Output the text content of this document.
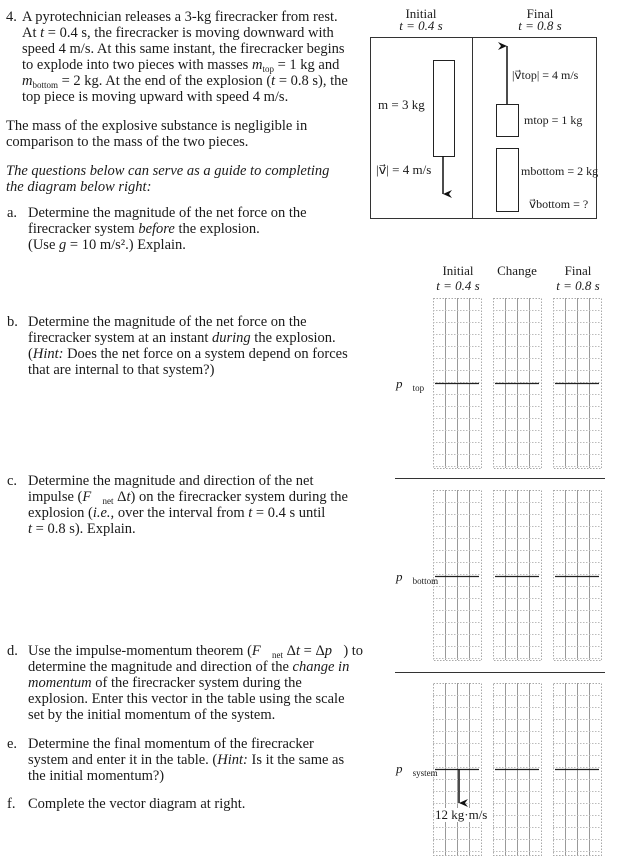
4. A pyrotechnician releases a 3-kg firecracker from rest.
At t = 0.4 s, the firecracker is moving downward with
speed 4 m/s. At this same instant, the firecracker begins
to explode into two pieces with masses $m_{top} = 1$ kg and
$m_{bottom} = 2$ kg. At the end of the explosion (t = 0.8 s), the
top piece is moving upward with speed 4 m/s.
The mass of the explosive substance is negligible in
comparison to the mass of the two pieces.
The questions below can serve as a guide to completing
the diagram below right:
a. Determine the magnitude of the net force on the
firecracker system before the explosion.
(Use g = 10 m/s².) Explain.
b. Determine the magnitude of the net force on the
firecracker system at an instant during the explosion.
(Hint: Does the net force on a system depend on forces
that are internal to that system?)
c. Determine the magnitude and direction of the net
impulse ($F⃗_{net}$ Δt) on the firecracker system during the
explosion (i.e., over the interval from t = 0.4 s until
t = 0.8 s). Explain.
d. Use the impulse-momentum theorem ($F⃗_{net}$ Δt = Δp⃗) to
determine the magnitude and direction of the change in
momentum of the firecracker system during the
explosion. Enter this vector in the table using the scale
set by the initial momentum of the system.
e. Determine the final momentum of the firecracker
system and enter it in the table. (Hint: Is it the same as
the initial momentum?)
f. Complete the vector diagram at right.
Initial
t = 0.4 s
Final
t = 0.8 s
m = 3 kg
|v⃗| = 4 m/s
|v⃗top| = 4 m/s
mtop = 1 kg
mbottom = 2 kg
v⃗bottom = ?
Initial
t = 0.4 s
Change	Final
t = 0.8 s
$p⃗_{top}$
$p⃗_{bottom}$
$p⃗_{system}$
12 kg·m/s
